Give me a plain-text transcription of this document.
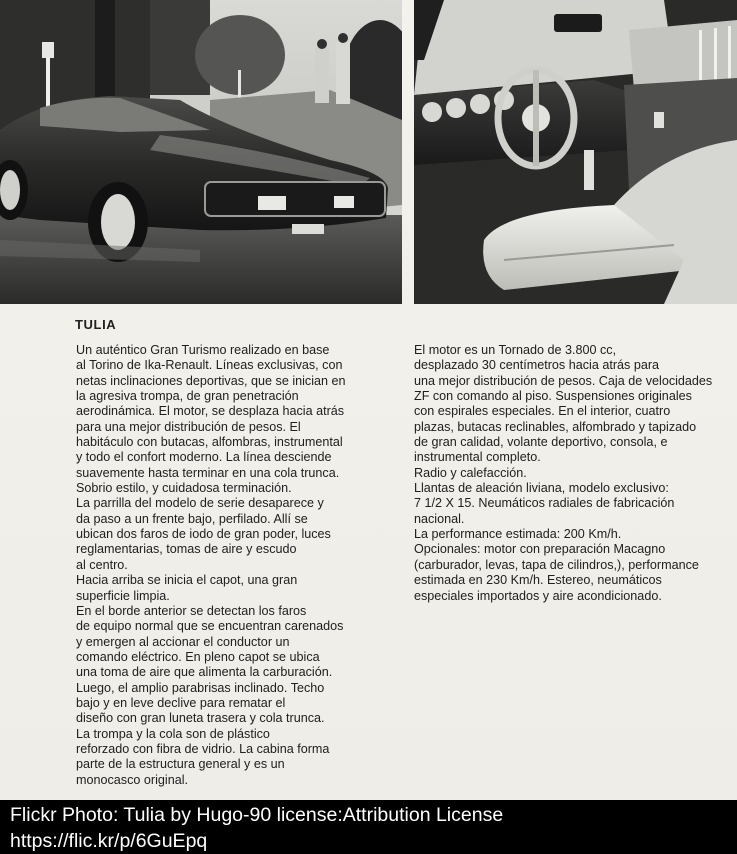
TULIA
Un auténtico Gran Turismo realizado en base
al Torino de Ika-Renault. Líneas exclusivas, con
netas inclinaciones deportivas, que se inician en
la agresiva trompa, de gran penetración
aerodinámica. El motor, se desplaza hacia atrás
para una mejor distribución de pesos. El
habitáculo con butacas, alfombras, instrumental
y todo el confort moderno. La línea desciende
suavemente hasta terminar en una cola trunca.
Sobrio estilo, y cuidadosa terminación.
La parrilla del modelo de serie desaparece y
da paso a un frente bajo, perfilado. Allí se
ubican dos faros de iodo de gran poder, luces
reglamentarias, tomas de aire y escudo
al centro.
Hacia arriba se inicia el capot, una gran
superficie limpia.
En el borde anterior se detectan los faros
de equipo normal que se encuentran carenados
y emergen al accionar el conductor un
comando eléctrico. En pleno capot se ubica
una toma de aire que alimenta la carburación.
Luego, el amplio parabrisas inclinado. Techo
bajo y en leve declive para rematar el
diseño con gran luneta trasera y cola trunca.
La trompa y la cola son de plástico
reforzado con fibra de vidrio. La cabina forma
parte de la estructura general y es un
monocasco original.
El motor es un Tornado de 3.800 cc,
desplazado 30 centímetros hacia atrás para
una mejor distribución de pesos. Caja de velocidades
ZF con comando al piso. Suspensiones originales
con espirales especiales. En el interior, cuatro
plazas, butacas reclinables, alfombrado y tapizado
de gran calidad, volante deportivo, consola, e
instrumental completo.
Radio y calefacción.
Llantas de aleación liviana, modelo exclusivo:
7 1/2 X 15. Neumáticos radiales de fabricación
nacional.
La performance estimada: 200 Km/h.
Opcionales: motor con preparación Macagno
(carburador, levas, tapa de cilindros,), performance
estimada en 230 Km/h. Estereo, neumáticos
especiales importados y aire acondicionado.
Flickr Photo: Tulia by Hugo-90 license:Attribution License
https://flic.kr/p/6GuEpq
